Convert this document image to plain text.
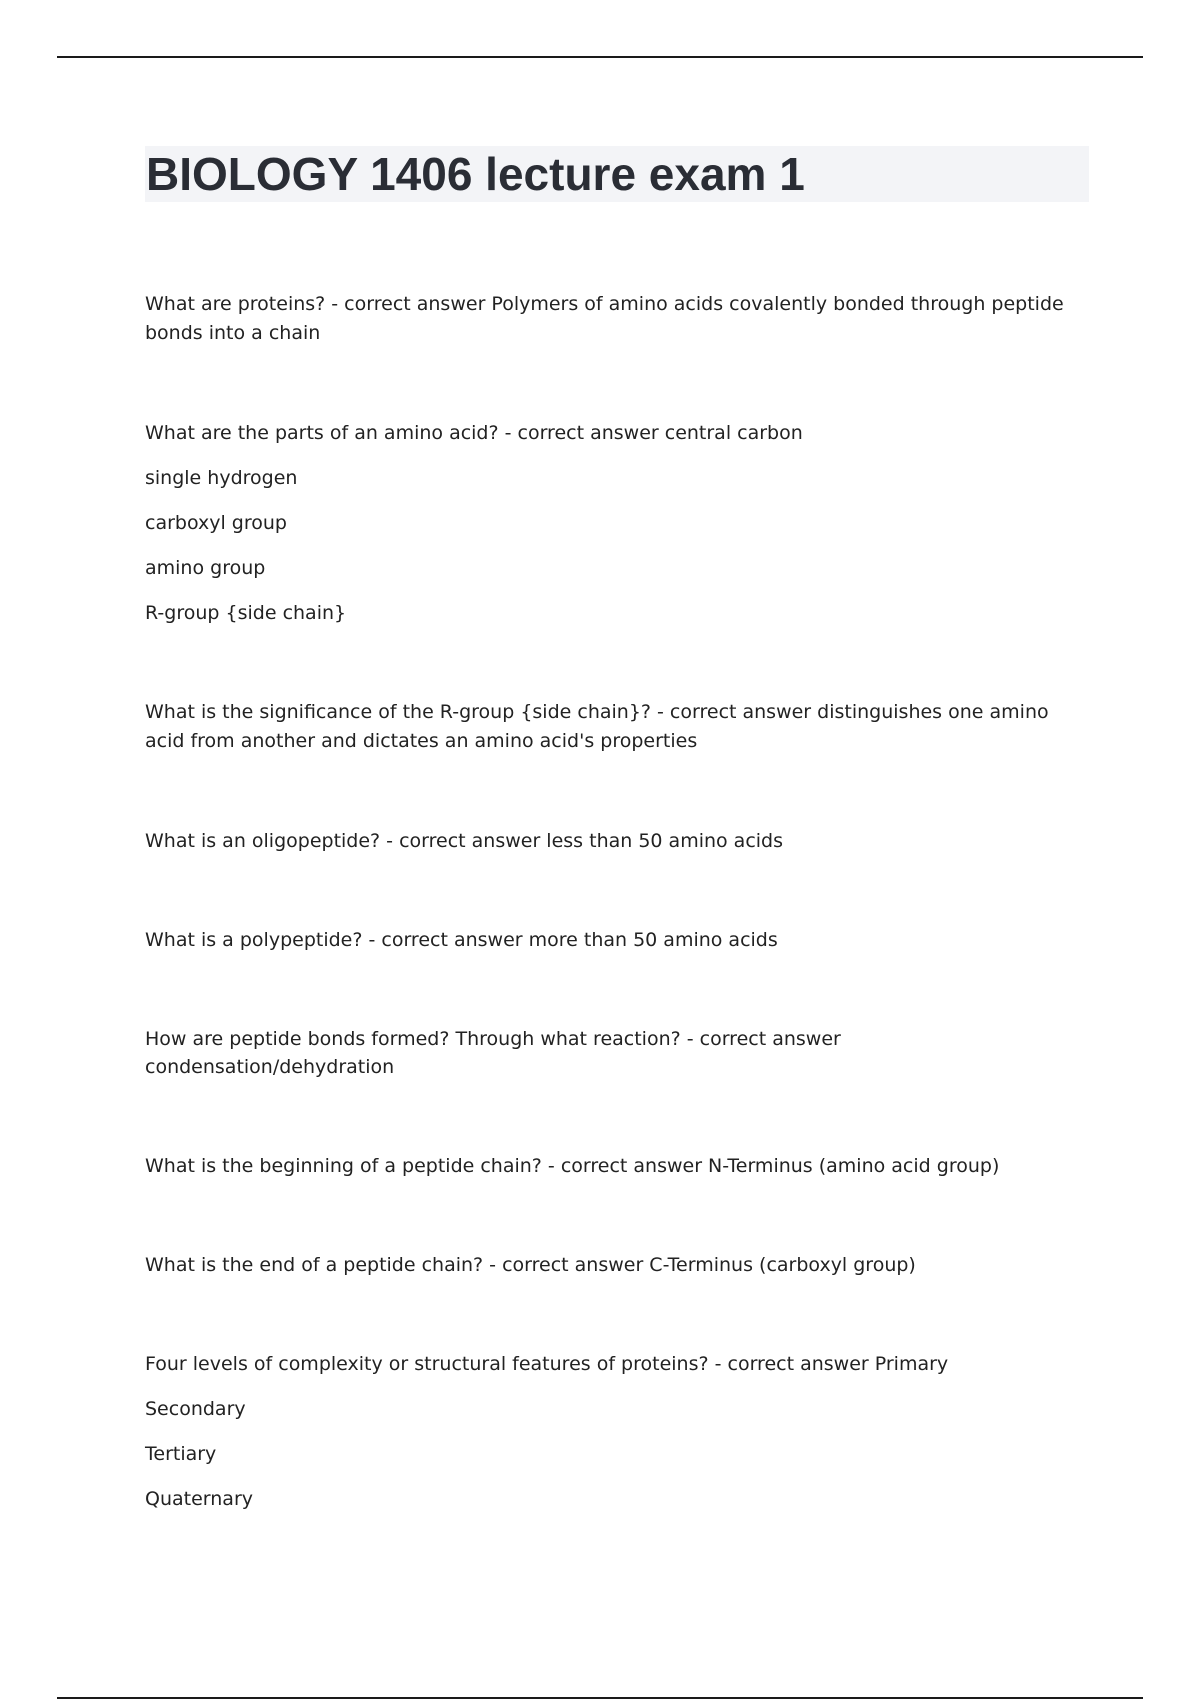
BIOLOGY 1406 lecture exam 1

What are proteins? - correct answer Polymers of amino acids covalently bonded through peptide bonds into a chain

What are the parts of an amino acid? - correct answer central carbon

single hydrogen

carboxyl group

amino group

R-group {side chain}

What is the significance of the R-group {side chain}? - correct answer distinguishes one amino acid from another and dictates an amino acid's properties

What is an oligopeptide? - correct answer less than 50 amino acids

What is a polypeptide? - correct answer more than 50 amino acids

How are peptide bonds formed? Through what reaction? - correct answer condensation/dehydration

What is the beginning of a peptide chain? - correct answer N-Terminus (amino acid group)

What is the end of a peptide chain? - correct answer C-Terminus (carboxyl group)

Four levels of complexity or structural features of proteins? - correct answer Primary

Secondary

Tertiary

Quaternary
